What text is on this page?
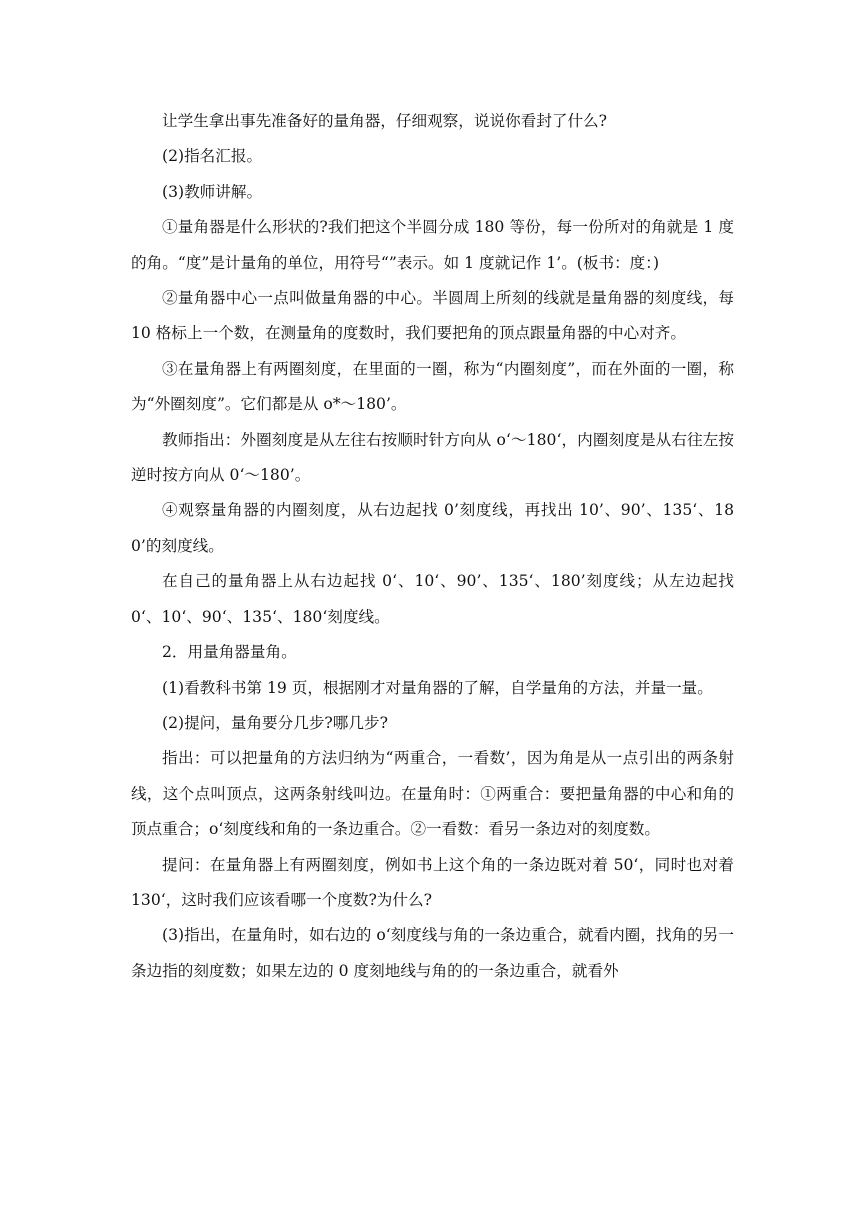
让学生拿出事先准备好的量角器，仔细观察，说说你看封了什么?

(2)指名汇报。

(3)教师讲解。

①量角器是什么形状的?我们把这个半圆分成 180 等份，每一份所对的角就是 1 度的角。“度”是计量角的单位，用符号“”表示。如 1 度就记作 1’。(板书：度：)

②量角器中心一点叫做量角器的中心。半圆周上所刻的线就是量角器的刻度线，每 10 格标上一个数，在测量角的度数时，我们要把角的顶点跟量角器的中心对齐。

③在量角器上有两圈刻度，在里面的一圈，称为“内圈刻度”，而在外面的一圈，称为“外圈刻度”。它们都是从 o*～180’。

教师指出：外圈刻度是从左往右按顺时针方向从 o‘～180‘，内圈刻度是从右往左按逆时按方向从 0‘～180’。

④观察量角器的内圈刻度，从右边起找 0’刻度线，再找出 10’、90’、135‘、180’的刻度线。

在自己的量角器上从右边起找 0‘、10‘、90’、135‘、180’刻度线；从左边起找 0‘、10‘、90‘、135‘、180‘刻度线。

2．用量角器量角。

(1)看教科书第 19 页，根据刚才对量角器的了解，自学量角的方法，并量一量。

(2)提问，量角要分几步?哪几步?

指出：可以把量角的方法归纳为“两重合，一看数’，因为角是从一点引出的两条射线，这个点叫顶点，这两条射线叫边。在量角时：①两重合：要把量角器的中心和角的顶点重合；o‘刻度线和角的一条边重合。②一看数：看另一条边对的刻度数。

提问：在量角器上有两圈刻度，例如书上这个角的一条边既对着 50‘，同时也对着 130‘，这时我们应该看哪一个度数?为什么?

(3)指出，在量角时，如右边的 o‘刻度线与角的一条边重合，就看内圈，找角的另一条边指的刻度数；如果左边的 0 度刻地线与角的的一条边重合，就看外
